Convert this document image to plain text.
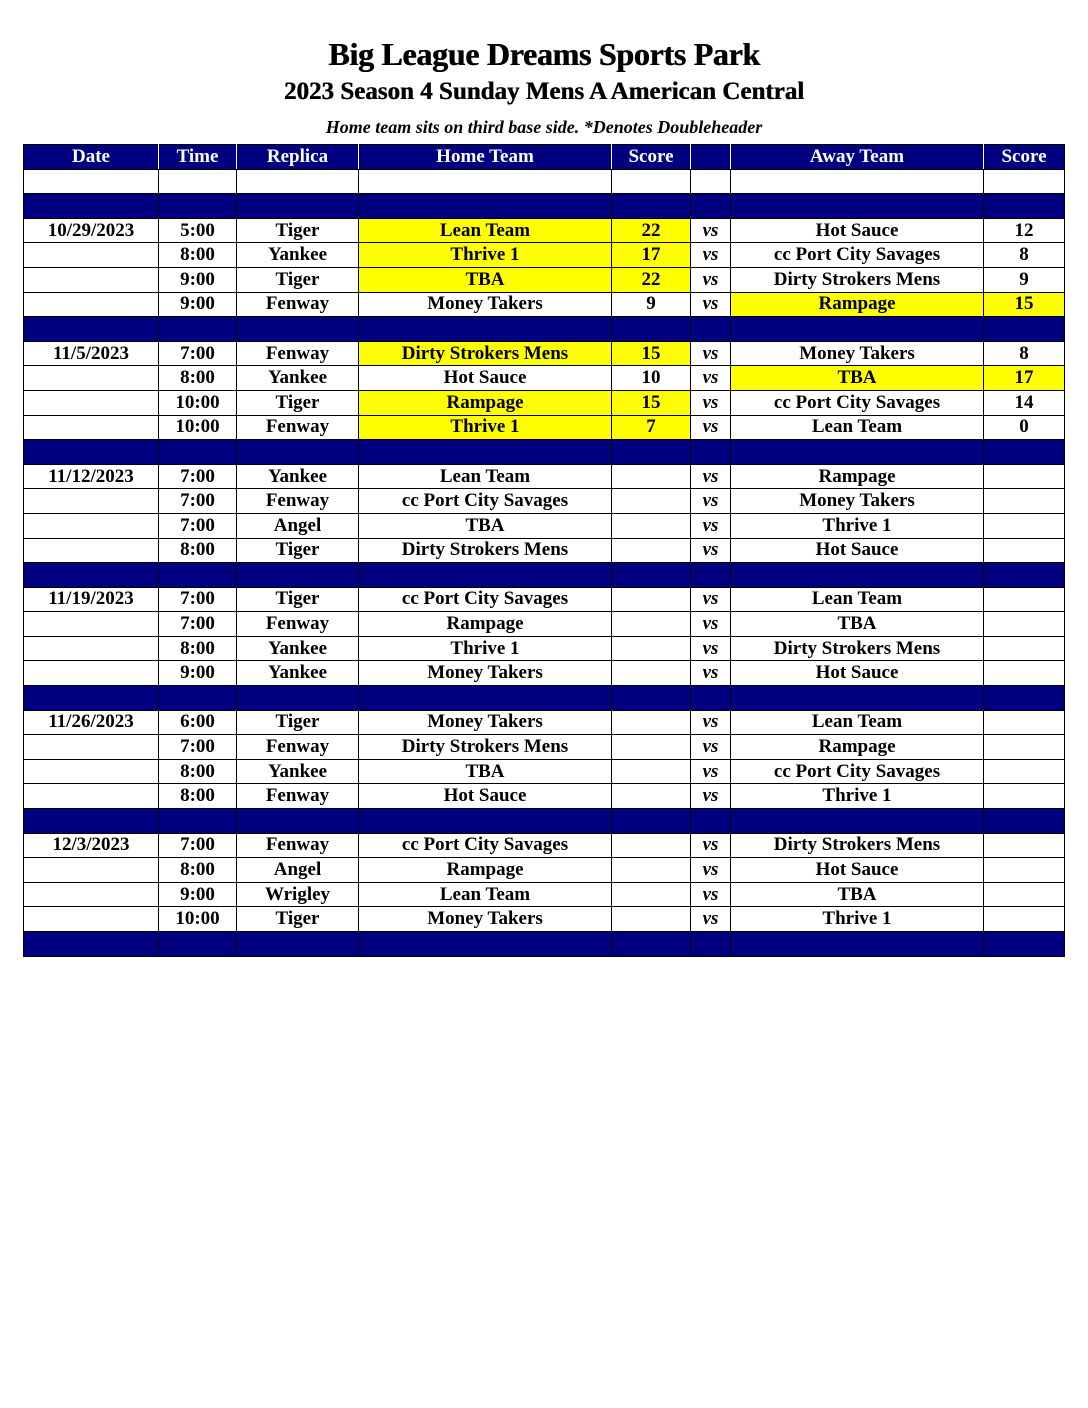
Big League Dreams Sports Park
2023 Season 4 Sunday Mens A American Central
Home team sits on third base side. *Denotes Doubleheader
Date	Time	Replica	Home Team	Score		Away Team	Score

10/29/2023	5:00	Tiger	Lean Team	22	vs	Hot Sauce	12
	8:00	Yankee	Thrive 1	17	vs	cc Port City Savages	8
	9:00	Tiger	TBA	22	vs	Dirty Strokers Mens	9
	9:00	Fenway	Money Takers	9	vs	Rampage	15

11/5/2023	7:00	Fenway	Dirty Strokers Mens	15	vs	Money Takers	8
	8:00	Yankee	Hot Sauce	10	vs	TBA	17
	10:00	Tiger	Rampage	15	vs	cc Port City Savages	14
	10:00	Fenway	Thrive 1	7	vs	Lean Team	0

11/12/2023	7:00	Yankee	Lean Team		vs	Rampage	
	7:00	Fenway	cc Port City Savages		vs	Money Takers	
	7:00	Angel	TBA		vs	Thrive 1	
	8:00	Tiger	Dirty Strokers Mens		vs	Hot Sauce	

11/19/2023	7:00	Tiger	cc Port City Savages		vs	Lean Team	
	7:00	Fenway	Rampage		vs	TBA	
	8:00	Yankee	Thrive 1		vs	Dirty Strokers Mens	
	9:00	Yankee	Money Takers		vs	Hot Sauce	

11/26/2023	6:00	Tiger	Money Takers		vs	Lean Team	
	7:00	Fenway	Dirty Strokers Mens		vs	Rampage	
	8:00	Yankee	TBA		vs	cc Port City Savages	
	8:00	Fenway	Hot Sauce		vs	Thrive 1	

12/3/2023	7:00	Fenway	cc Port City Savages		vs	Dirty Strokers Mens	
	8:00	Angel	Rampage		vs	Hot Sauce	
	9:00	Wrigley	Lean Team		vs	TBA	
	10:00	Tiger	Money Takers		vs	Thrive 1	
